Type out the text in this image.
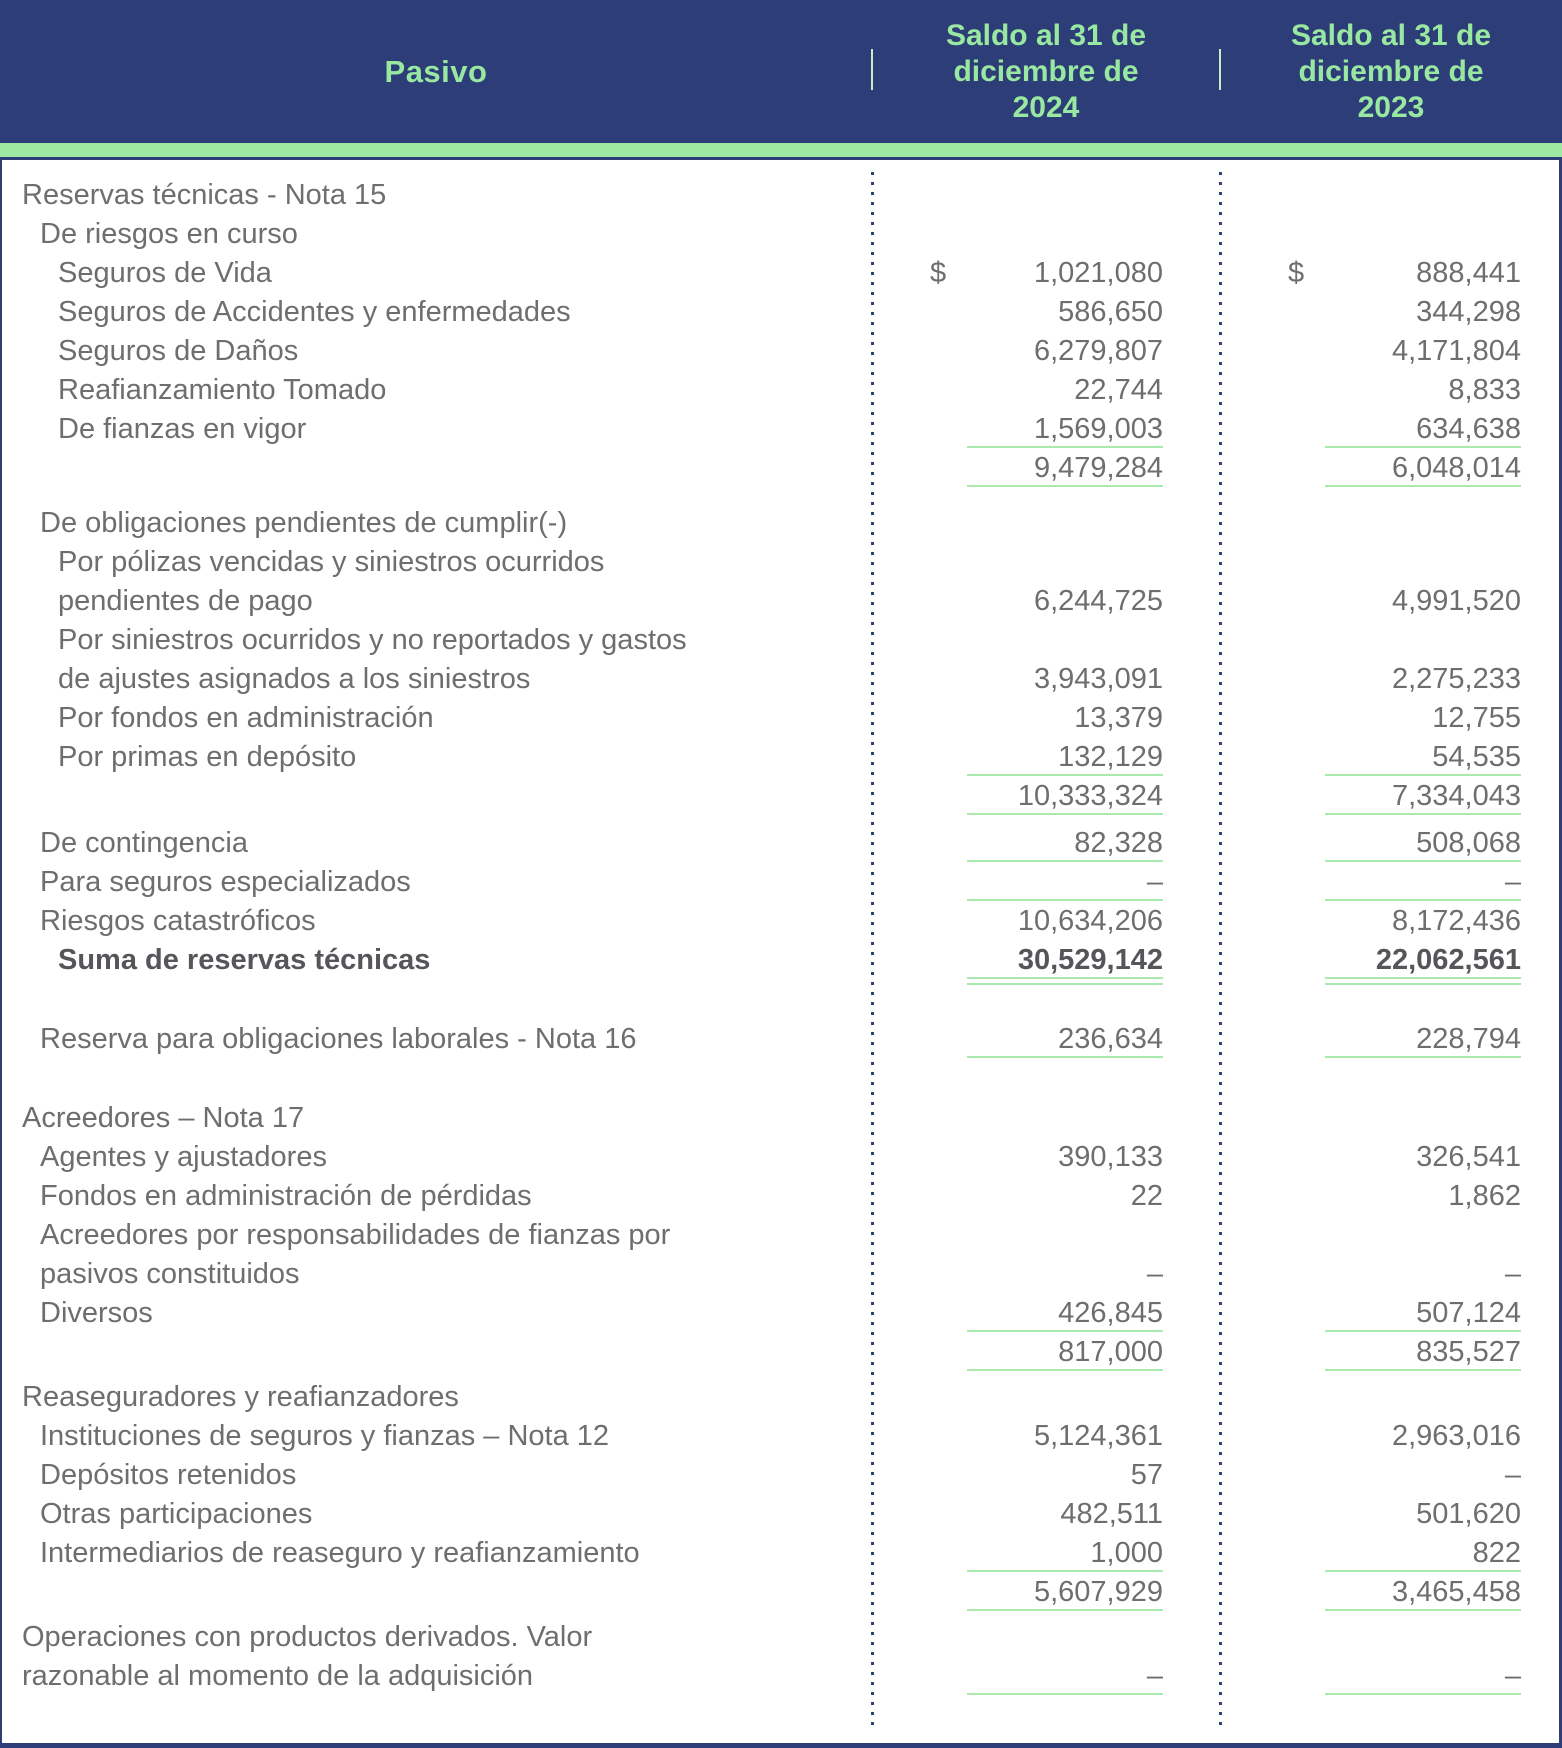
Pasivo
Saldo al 31 de diciembre de 2024
Saldo al 31 de diciembre de 2023
Reservas técnicas - Nota 15
De riesgos en curso
Seguros de Vida	$	1,021,080	$	888,441
Seguros de Accidentes y enfermedades	586,650	344,298
Seguros de Daños	6,279,807	4,171,804
Reafianzamiento Tomado	22,744	8,833
De fianzas en vigor	1,569,003	634,638
9,479,284	6,048,014
De obligaciones pendientes de cumplir(-)
Por pólizas vencidas y siniestros ocurridos
pendientes de pago	6,244,725	4,991,520
Por siniestros ocurridos y no reportados y gastos
de ajustes asignados a los siniestros	3,943,091	2,275,233
Por fondos en administración	13,379	12,755
Por primas en depósito	132,129	54,535
10,333,324	7,334,043
De contingencia	82,328	508,068
Para seguros especializados	–	–
Riesgos catastróficos	10,634,206	8,172,436
Suma de reservas técnicas	30,529,142	22,062,561
Reserva para obligaciones laborales - Nota 16	236,634	228,794
Acreedores – Nota 17
Agentes y ajustadores	390,133	326,541
Fondos en administración de pérdidas	22	1,862
Acreedores por responsabilidades de fianzas por
pasivos constituidos	–	–
Diversos	426,845	507,124
817,000	835,527
Reaseguradores y reafianzadores
Instituciones de seguros y fianzas – Nota 12	5,124,361	2,963,016
Depósitos retenidos	57	–
Otras participaciones	482,511	501,620
Intermediarios de reaseguro y reafianzamiento	1,000	822
5,607,929	3,465,458
Operaciones con productos derivados. Valor
razonable al momento de la adquisición	–	–
